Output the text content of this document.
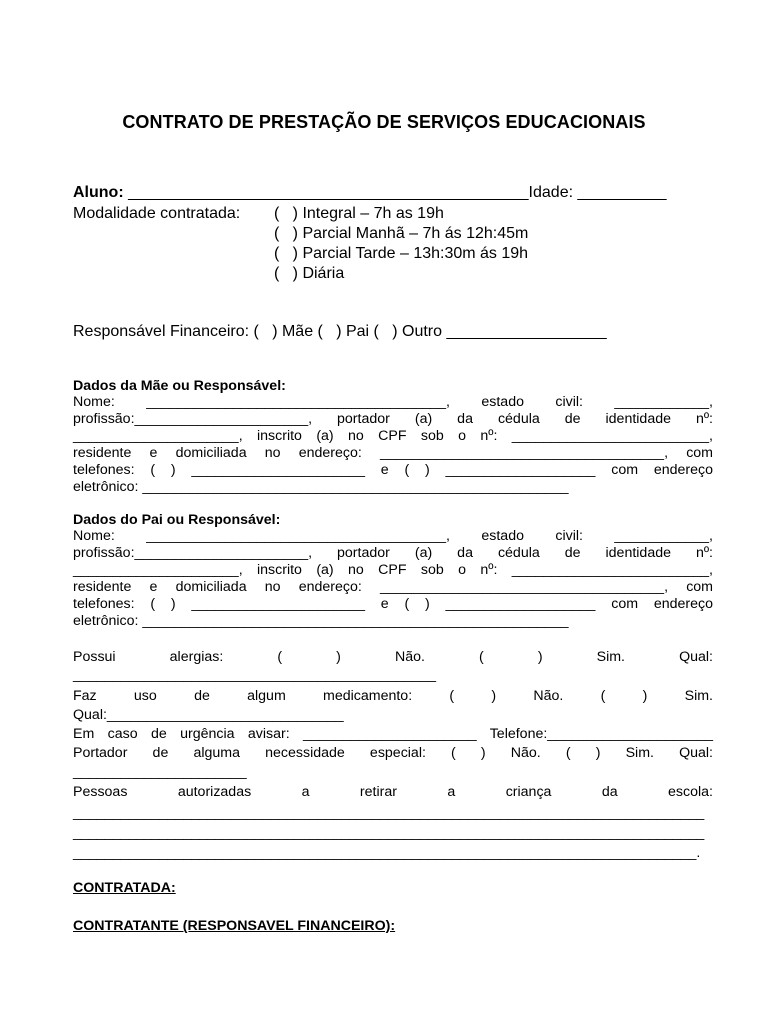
CONTRATO DE PRESTAÇÃO DE SERVIÇOS EDUCACIONAIS
Aluno: _____________________________________________Idade: __________
Modalidade contratada: (   ) Integral – 7h as 19h
(   ) Parcial Manhã – 7h ás 12h:45m
(   ) Parcial Tarde – 13h:30m ás 19h
(   ) Diária
Responsável Financeiro: (   ) Mãe (   ) Pai (   ) Outro __________________
Dados da Mãe ou Responsável:
Nome: ______________________________________, estado civil: ____________,
profissão:______________________, portador (a) da cédula de identidade nº:
_____________________, inscrito (a) no CPF sob o nº: _________________________,
residente e domiciliada no endereço: ____________________________________, com
telefones: ( ) ______________________ e ( ) ___________________ com endereço
eletrônico: ______________________________________________________
Dados do Pai ou Responsável:
Nome: ______________________________________, estado civil: ____________,
profissão:______________________, portador (a) da cédula de identidade nº:
_____________________, inscrito (a) no CPF sob o nº: _________________________,
residente e domiciliada no endereço: ____________________________________, com
telefones: ( ) ______________________ e ( ) ___________________ com endereço
eletrônico: ______________________________________________________
Possui alergias: ( ) Não. ( ) Sim. Qual:
______________________________________________
Faz uso de algum medicamento: ( ) Não. ( ) Sim.
Qual:______________________________
Em caso de urgência avisar: ______________________ Telefone:_____________________
Portador de alguma necessidade especial: ( ) Não. ( ) Sim. Qual:
______________________
Pessoas autorizadas a retirar a criança da escola:
________________________________________________________________________________
________________________________________________________________________________
_______________________________________________________________________________.
CONTRATADA:
CONTRATANTE (RESPONSAVEL FINANCEIRO):
